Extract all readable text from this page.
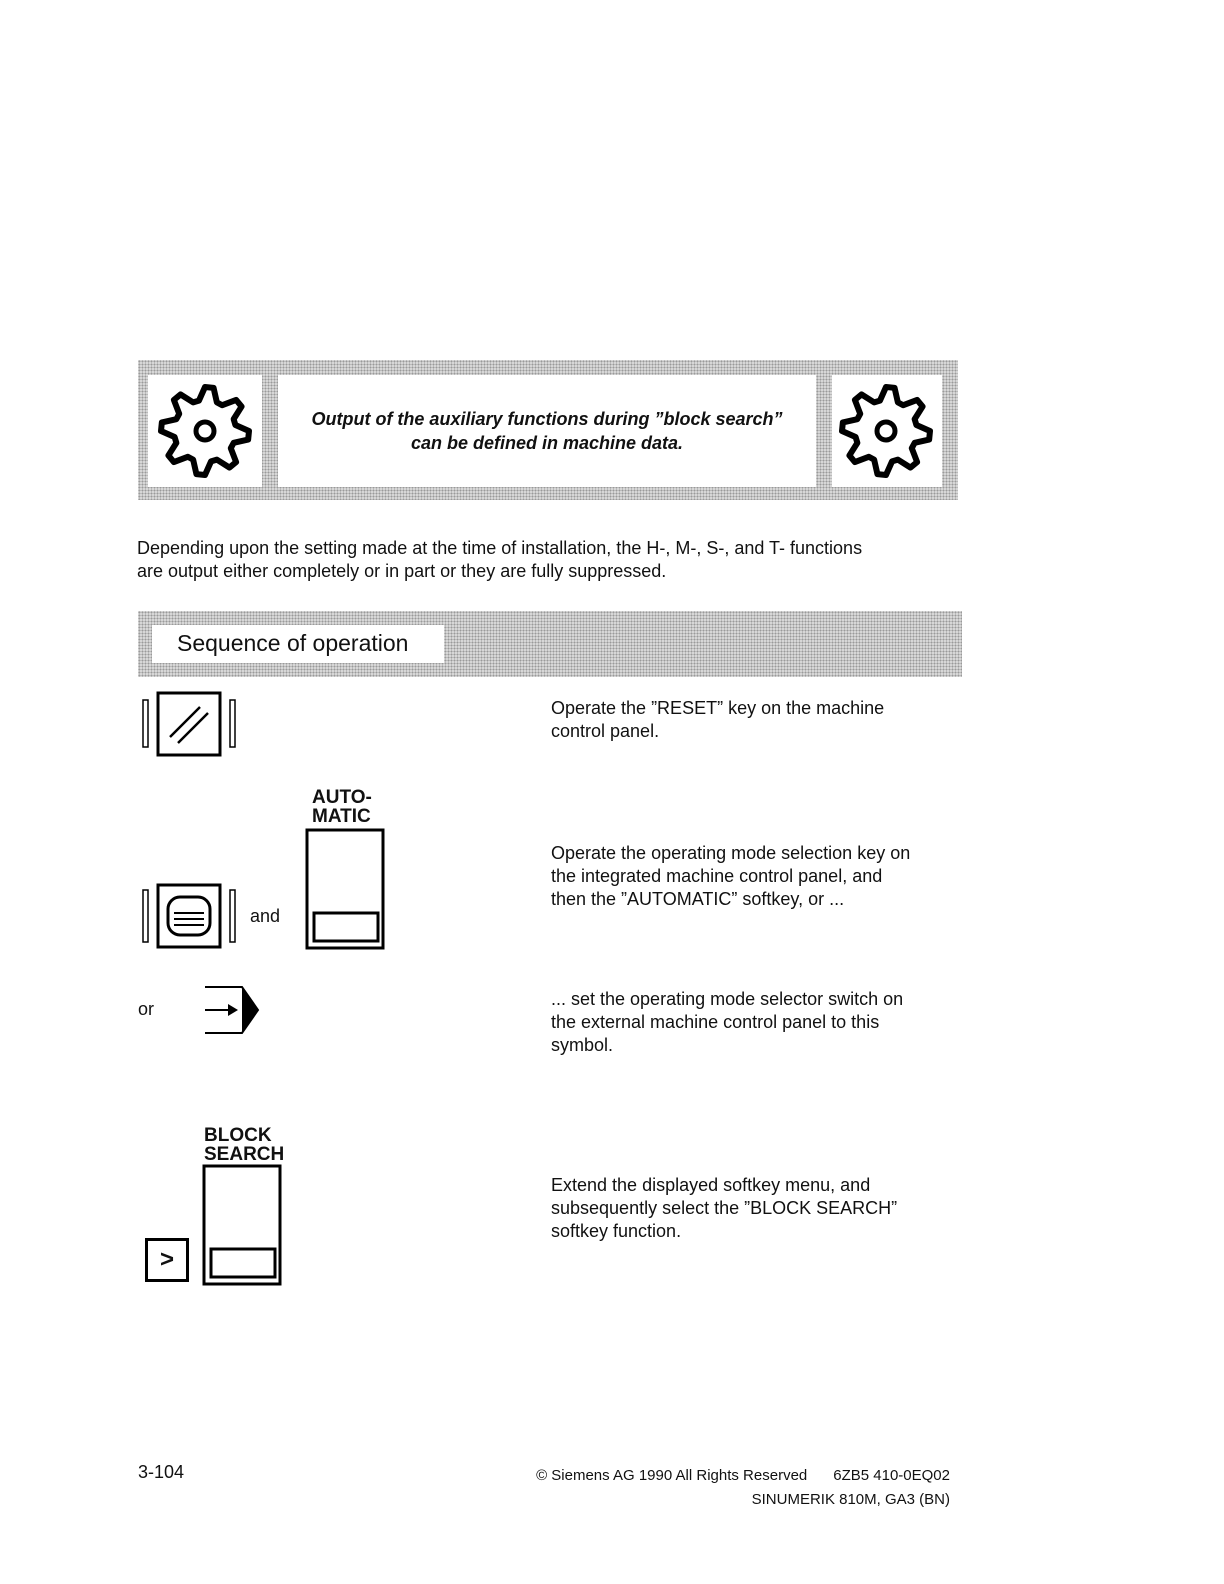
Output of the auxiliary functions during ”block search”
can be defined in machine data.
Depending upon the setting made at the time of installation, the H-, M-, S-, and T- functions
are output either completely or in part or they are fully suppressed.
Sequence of operation
Operate the ”RESET” key on the machine
control panel.
AUTO-
MATIC
and
Operate the operating mode selection key on
the integrated machine control panel, and
then the ”AUTOMATIC” softkey, or ...
or	... set the operating mode selector switch on
the external machine control panel to this
symbol.
BLOCK
SEARCH
>
Extend the displayed softkey menu, and
subsequently select the ”BLOCK SEARCH”
softkey function.
3-104	© Siemens AG 1990 All Rights Reserved 6ZB5 410-0EQ02
SINUMERIK 810M, GA3 (BN)
